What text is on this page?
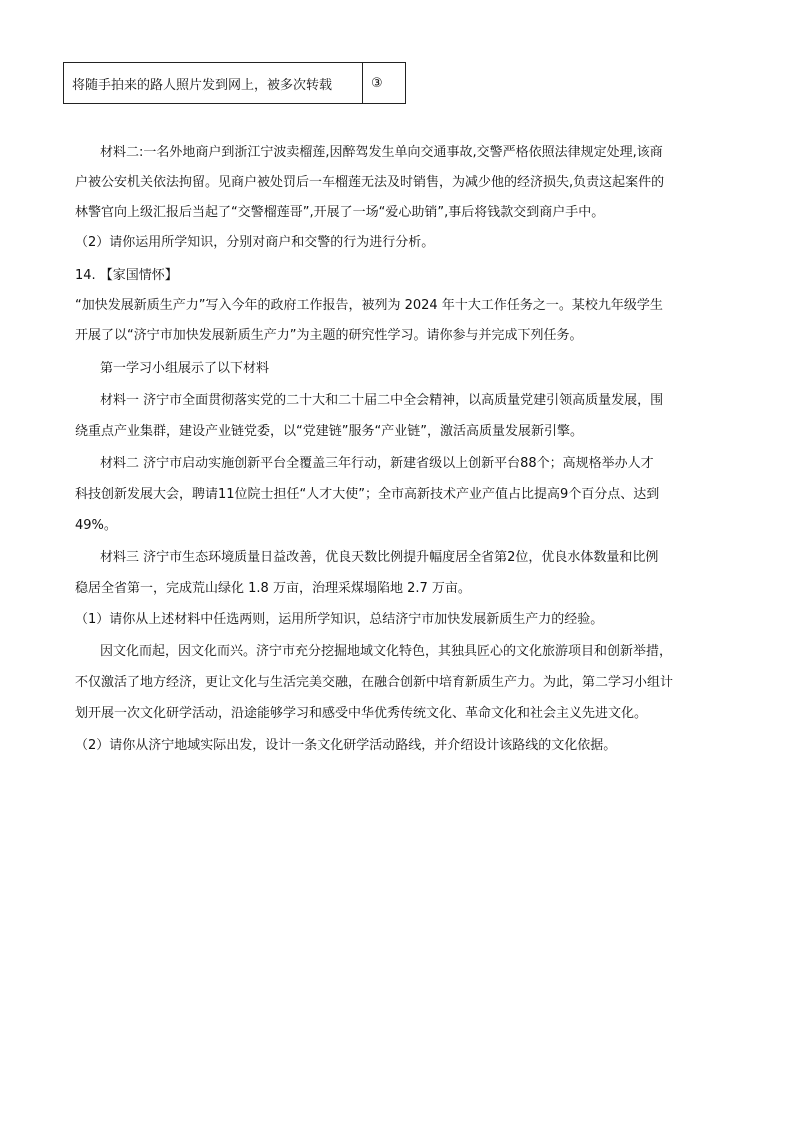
将随手拍来的路人照片发到网上，被多次转载	③
材料二:一名外地商户到浙江宁波卖榴莲,因醉驾发生单向交通事故,交警严格依照法律规定处理,该商
户被公安机关依法拘留。见商户被处罚后一车榴莲无法及时销售，为减少他的经济损失,负责这起案件的
林警官向上级汇报后当起了“交警榴莲哥”,开展了一场“爱心助销”,事后将钱款交到商户手中。
（2）请你运用所学知识，分别对商户和交警的行为进行分析。
14. 【家国情怀】
“加快发展新质生产力”写入今年的政府工作报告，被列为 2024 年十大工作任务之一。某校九年级学生
开展了以“济宁市加快发展新质生产力”为主题的研究性学习。请你参与并完成下列任务。
第一学习小组展示了以下材料
材料一 济宁市全面贯彻落实党的二十大和二十届二中全会精神，以高质量党建引领高质量发展，围
绕重点产业集群，建设产业链党委，以“党建链”服务“产业链”，激活高质量发展新引擎。
材料二 济宁市启动实施创新平台全覆盖三年行动，新建省级以上创新平台88个；高规格举办人才
科技创新发展大会，聘请11位院士担任“人才大使”；全市高新技术产业产值占比提高9个百分点、达到
49%。
材料三 济宁市生态环境质量日益改善，优良天数比例提升幅度居全省第2位，优良水体数量和比例
稳居全省第一，完成荒山绿化 1.8 万亩，治理采煤塌陷地 2.7 万亩。
（1）请你从上述材料中任选两则，运用所学知识，总结济宁市加快发展新质生产力的经验。
因文化而起，因文化而兴。济宁市充分挖掘地域文化特色，其独具匠心的文化旅游项目和创新举措，
不仅激活了地方经济，更让文化与生活完美交融，在融合创新中培育新质生产力。为此，第二学习小组计
划开展一次文化研学活动，沿途能够学习和感受中华优秀传统文化、革命文化和社会主义先进文化。
（2）请你从济宁地域实际出发，设计一条文化研学活动路线，并介绍设计该路线的文化依据。
